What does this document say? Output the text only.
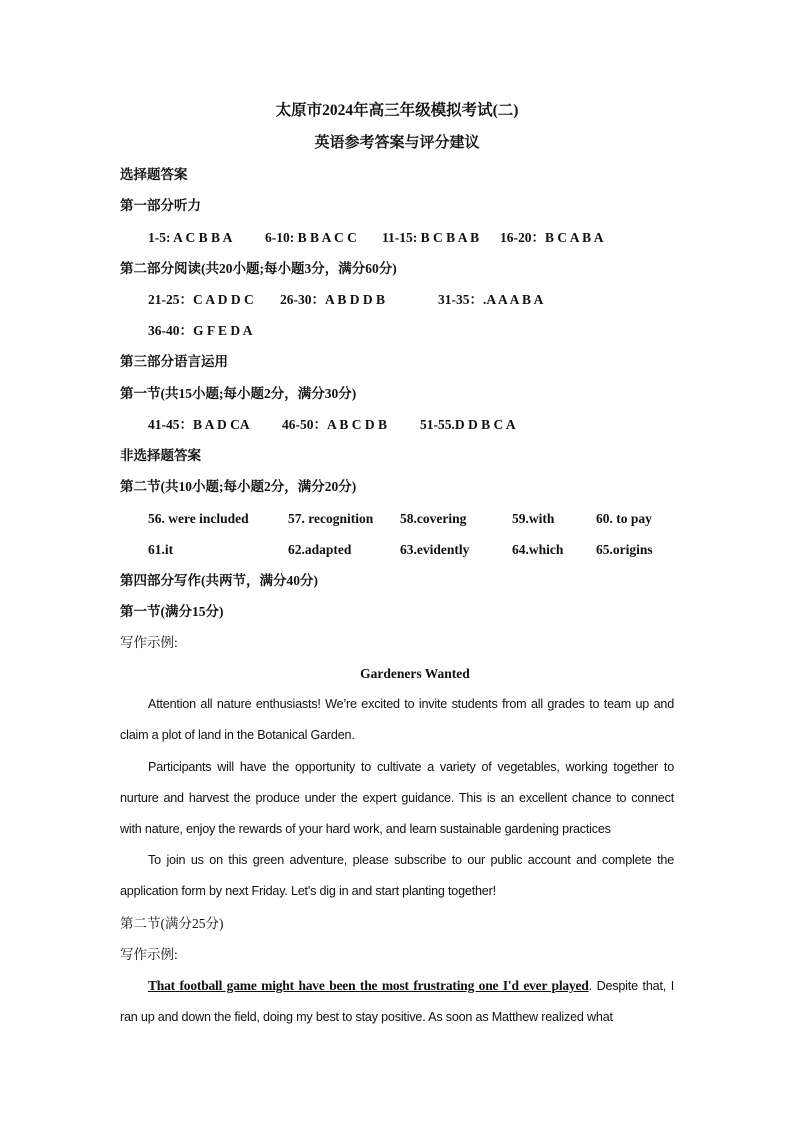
太原市2024年高三年级模拟考试(二)
英语参考答案与评分建议
选择题答案
第一部分听力
1-5: A C B B A 6-10: B B A C C 11-15: B C B A B 16-20：B C A B A
第二部分阅读(共20小题;每小题3分，满分60分)
21-25：C A D D C 26-30：A B D D B	31-35：.A A A B A
36-40：G F E D A
第三部分语言运用
第一节(共15小题;每小题2分，满分30分)
41-45：B A D CA 46-50：A B C D B 51-55.D D B C A
非选择题答案
第二节(共10小题;每小题2分，满分20分)
56. were included	57. recognition 58.covering	59.with	60. to pay
61.it	62.adapted	63.evidently	64.which 65.origins
第四部分写作(共两节，满分40分)
第一节(满分15分)
写作示例:
Gardeners Wanted
Attention all nature enthusiasts! We’re excited to invite students from all grades to team up and claim a plot of land in the Botanical Garden.
Participants will have the opportunity to cultivate a variety of vegetables, working together to nurture and harvest the produce under the expert guidance. This is an excellent chance to connect with nature, enjoy the rewards of your hard work, and learn sustainable gardening practices
To join us on this green adventure, please subscribe to our public account and complete the application form by next Friday. Let's dig in and start planting together!
第二节(满分25分)
写作示例:
That football game might have been the most frustrating one I'd ever played. Despite that, I ran up and down the field, doing my best to stay positive. As soon as Matthew realized what
